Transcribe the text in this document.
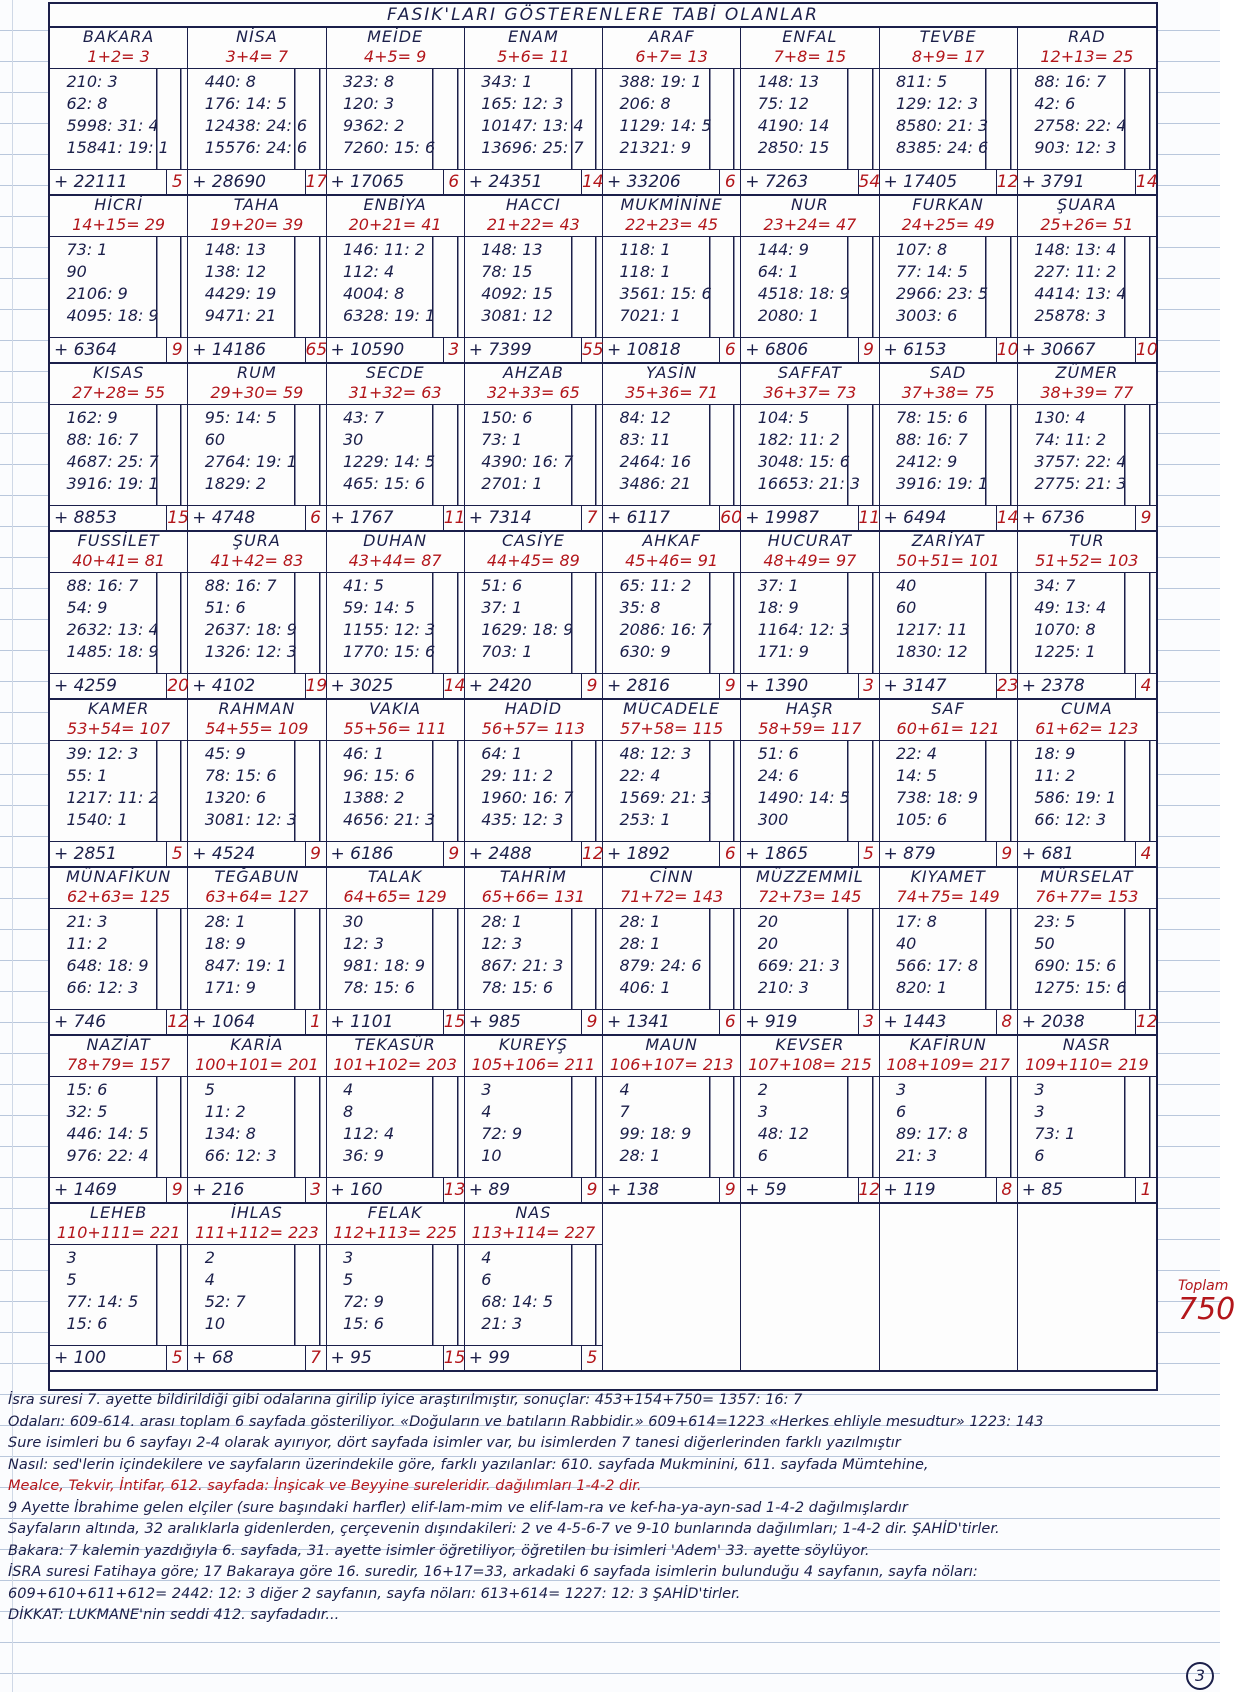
FASIK'LARI GÖSTERENLERE TABİ OLANLAR
BAKARA
1+2= 3
210: 3
62: 8
5998: 31: 4
15841: 19: 1
+ 22111	5
NİSA
3+4= 7
440: 8
176: 14: 5
12438: 24: 6
15576: 24: 6
+ 28690	17
MEİDE
4+5= 9
323: 8
120: 3
9362: 2
7260: 15: 6
+ 17065	6
ENAM
5+6= 11
343: 1
165: 12: 3
10147: 13: 4
13696: 25: 7
+ 24351	14
ARAF
6+7= 13
388: 19: 1
206: 8
1129: 14: 5
21321: 9
+ 33206	6
ENFAL
7+8= 15
148: 13
75: 12
4190: 14
2850: 15
+ 7263	54
TEVBE
8+9= 17
811: 5
129: 12: 3
8580: 21: 3
8385: 24: 6
+ 17405	12
RAD
12+13= 25
88: 16: 7
42: 6
2758: 22: 4
903: 12: 3
+ 3791	14
HİCRİ
14+15= 29
73: 1
90
2106: 9
4095: 18: 9
+ 6364	9
TAHA
19+20= 39
148: 13
138: 12
4429: 19
9471: 21
+ 14186	65
ENBİYA
20+21= 41
146: 11: 2
112: 4
4004: 8
6328: 19: 1
+ 10590	3
HACCI
21+22= 43
148: 13
78: 15
4092: 15
3081: 12
+ 7399	55
MUKMİNİNE
22+23= 45
118: 1
118: 1
3561: 15: 6
7021: 1
+ 10818	6
NUR
23+24= 47
144: 9
64: 1
4518: 18: 9
2080: 1
+ 6806	9
FURKAN
24+25= 49
107: 8
77: 14: 5
2966: 23: 5
3003: 6
+ 6153	10
ŞUARA
25+26= 51
148: 13: 4
227: 11: 2
4414: 13: 4
25878: 3
+ 30667	10
KISAS
27+28= 55
162: 9
88: 16: 7
4687: 25: 7
3916: 19: 1
+ 8853	15
RUM
29+30= 59
95: 14: 5
60
2764: 19: 1
1829: 2
+ 4748	6
SECDE
31+32= 63
43: 7
30
1229: 14: 5
465: 15: 6
+ 1767	11
AHZAB
32+33= 65
150: 6
73: 1
4390: 16: 7
2701: 1
+ 7314	7
YASİN
35+36= 71
84: 12
83: 11
2464: 16
3486: 21
+ 6117	60
SAFFAT
36+37= 73
104: 5
182: 11: 2
3048: 15: 6
16653: 21: 3
+ 19987	11
SAD
37+38= 75
78: 15: 6
88: 16: 7
2412: 9
3916: 19: 1
+ 6494	14
ZÜMER
38+39= 77
130: 4
74: 11: 2
3757: 22: 4
2775: 21: 3
+ 6736	9
FUSSİLET
40+41= 81
88: 16: 7
54: 9
2632: 13: 4
1485: 18: 9
+ 4259	20
ŞURA
41+42= 83
88: 16: 7
51: 6
2637: 18: 9
1326: 12: 3
+ 4102	19
DUHAN
43+44= 87
41: 5
59: 14: 5
1155: 12: 3
1770: 15: 6
+ 3025	14
CASİYE
44+45= 89
51: 6
37: 1
1629: 18: 9
703: 1
+ 2420	9
AHKAF
45+46= 91
65: 11: 2
35: 8
2086: 16: 7
630: 9
+ 2816	9
HUCURAT
48+49= 97
37: 1
18: 9
1164: 12: 3
171: 9
+ 1390	3
ZARİYAT
50+51= 101
40
60
1217: 11
1830: 12
+ 3147	23
TUR
51+52= 103
34: 7
49: 13: 4
1070: 8
1225: 1
+ 2378	4
KAMER
53+54= 107
39: 12: 3
55: 1
1217: 11: 2
1540: 1
+ 2851	5
RAHMAN
54+55= 109
45: 9
78: 15: 6
1320: 6
3081: 12: 3
+ 4524	9
VAKIA
55+56= 111
46: 1
96: 15: 6
1388: 2
4656: 21: 3
+ 6186	9
HADİD
56+57= 113
64: 1
29: 11: 2
1960: 16: 7
435: 12: 3
+ 2488	12
MÜCADELE
57+58= 115
48: 12: 3
22: 4
1569: 21: 3
253: 1
+ 1892	6
HAŞR
58+59= 117
51: 6
24: 6
1490: 14: 5
300
+ 1865	5
SAF
60+61= 121
22: 4
14: 5
738: 18: 9
105: 6
+ 879	9
CUMA
61+62= 123
18: 9
11: 2
586: 19: 1
66: 12: 3
+ 681	4
MÜNAFİKUN
62+63= 125
21: 3
11: 2
648: 18: 9
66: 12: 3
+ 746	12
TEĞABUN
63+64= 127
28: 1
18: 9
847: 19: 1
171: 9
+ 1064	1
TALAK
64+65= 129
30
12: 3
981: 18: 9
78: 15: 6
+ 1101	15
TAHRİM
65+66= 131
28: 1
12: 3
867: 21: 3
78: 15: 6
+ 985	9
CİNN
71+72= 143
28: 1
28: 1
879: 24: 6
406: 1
+ 1341	6
MÜZZEMMİL
72+73= 145
20
20
669: 21: 3
210: 3
+ 919	3
KIYAMET
74+75= 149
17: 8
40
566: 17: 8
820: 1
+ 1443	8
MÜRSELAT
76+77= 153
23: 5
50
690: 15: 6
1275: 15: 6
+ 2038	12
NAZİAT
78+79= 157
15: 6
32: 5
446: 14: 5
976: 22: 4
+ 1469	9
KARİA
100+101= 201
5
11: 2
134: 8
66: 12: 3
+ 216	3
TEKASÜR
101+102= 203
4
8
112: 4
36: 9
+ 160	13
KUREYŞ
105+106= 211
3
4
72: 9
10
+ 89	9
MAUN
106+107= 213
4
7
99: 18: 9
28: 1
+ 138	9
KEVSER
107+108= 215
2
3
48: 12
6
+ 59	12
KAFİRUN
108+109= 217
3
6
89: 17: 8
21: 3
+ 119	8
NASR
109+110= 219
3
3
73: 1
6
+ 85	1
LEHEB
110+111= 221
3
5
77: 14: 5
15: 6
+ 100	5
İHLAS
111+112= 223
2
4
52: 7
10
+ 68	7
FELAK
112+113= 225
3
5
72: 9
15: 6
+ 95	15
NAS
113+114= 227
4
6
68: 14: 5
21: 3
+ 99	5
Toplam
750
İsra suresi 7. ayette bildirildiği gibi odalarına girilip iyice araştırılmıştır, sonuçlar: 453+154+750= 1357: 16: 7
Odaları: 609-614. arası toplam 6 sayfada gösteriliyor. «Doğuların ve batıların Rabbidir.» 609+614=1223 «Herkes ehliyle mesudtur» 1223: 143
Sure isimleri bu 6 sayfayı 2-4 olarak ayırıyor, dört sayfada isimler var, bu isimlerden 7 tanesi diğerlerinden farklı yazılmıştır
Nasıl: sed'lerin içindekilere ve sayfaların üzerindekile göre, farklı yazılanlar: 610. sayfada Mukminini, 611. sayfada Mümtehine,
Mealce, Tekvir, İntifar, 612. sayfada: İnşicak ve Beyyine sureleridir. dağılımları 1-4-2 dir.
9 Ayette İbrahime gelen elçiler (sure başındaki harfler) elif-lam-mim ve elif-lam-ra ve kef-ha-ya-ayn-sad 1-4-2 dağılmışlardır
Sayfaların altında, 32 aralıklarla gidenlerden, çerçevenin dışındakileri: 2 ve 4-5-6-7 ve 9-10 bunlarında dağılımları; 1-4-2 dir. ŞAHİD'tirler.
Bakara: 7 kalemin yazdığıyla 6. sayfada, 31. ayette isimler öğretiliyor, öğretilen bu isimleri 'Adem' 33. ayette söylüyor.
İSRA suresi Fatihaya göre; 17 Bakaraya göre 16. suredir, 16+17=33, arkadaki 6 sayfada isimlerin bulunduğu 4 sayfanın, sayfa nöları:
609+610+611+612= 2442: 12: 3 diğer 2 sayfanın, sayfa nöları: 613+614= 1227: 12: 3 ŞAHİD'tirler.
DİKKAT: LUKMANE'nin seddi 412. sayfadadır...
3
